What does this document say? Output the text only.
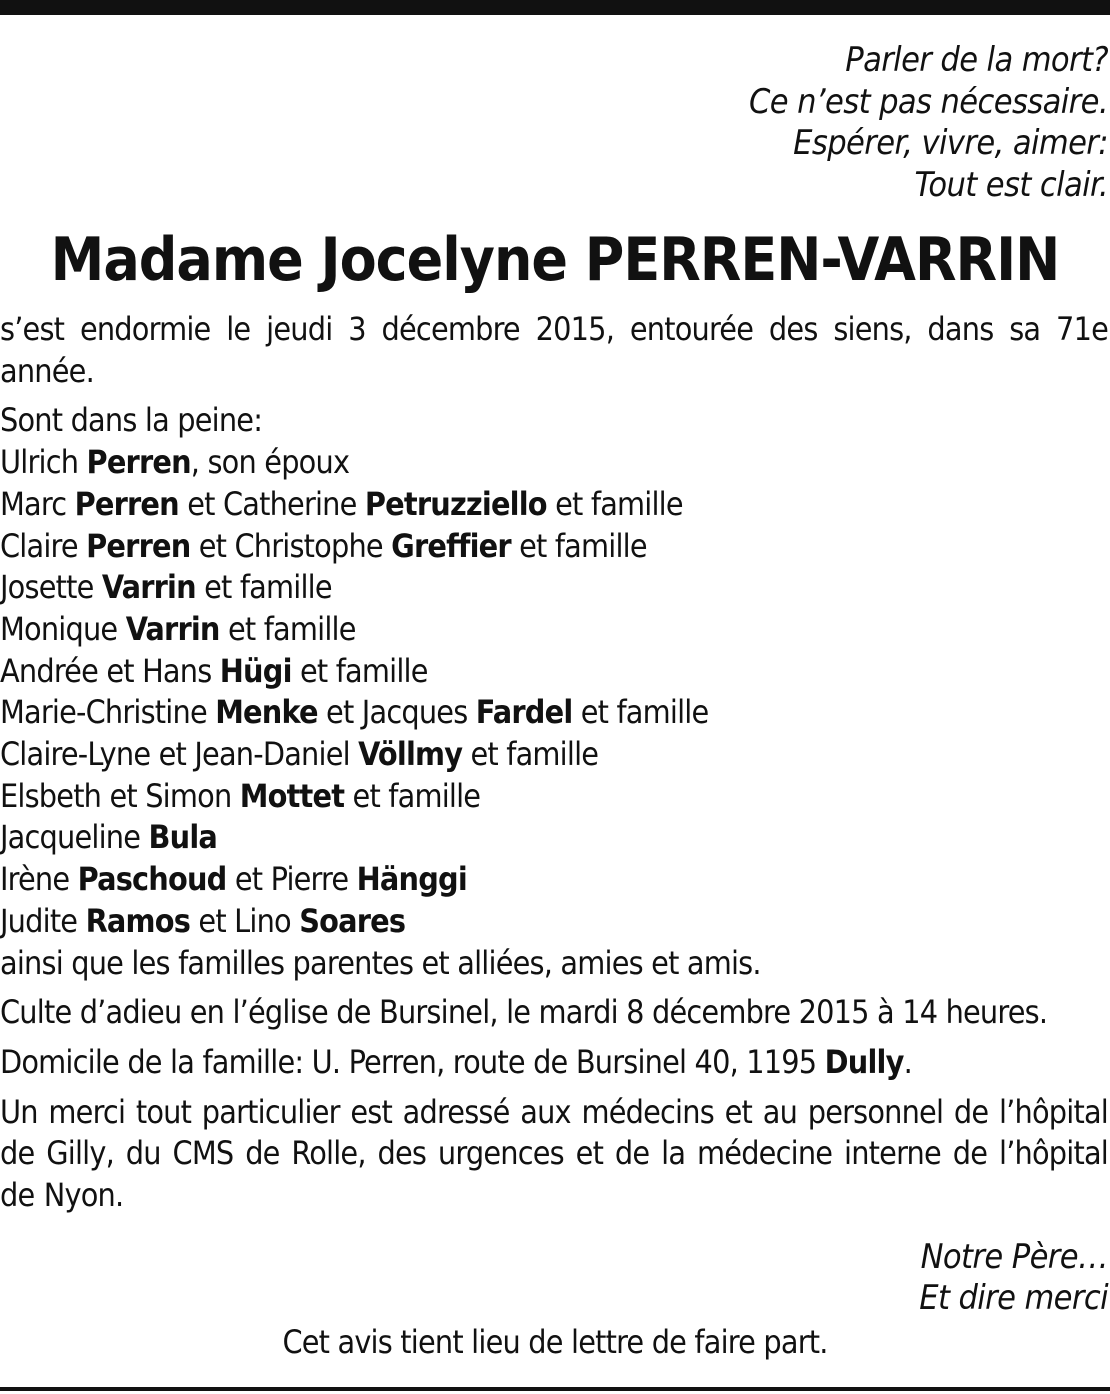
Parler de la mort?
Ce n’est pas nécessaire.
Espérer, vivre, aimer:
Tout est clair.
Madame Jocelyne PERREN-VARRIN

s’est endormie le jeudi 3 décembre 2015, entourée des siens, dans sa 71e année.

Sont dans la peine:

Ulrich Perren, son époux
Marc Perren et Catherine Petruzziello et famille
Claire Perren et Christophe Greffier et famille
Josette Varrin et famille
Monique Varrin et famille
Andrée et Hans Hügi et famille
Marie-Christine Menke et Jacques Fardel et famille
Claire-Lyne et Jean-Daniel Völlmy et famille
Elsbeth et Simon Mottet et famille
Jacqueline Bula
Irène Paschoud et Pierre Hänggi
Judite Ramos et Lino Soares

ainsi que les familles parentes et alliées, amies et amis.

Culte d’adieu en l’église de Bursinel, le mardi 8 décembre 2015 à 14 heures.

Domicile de la famille: U. Perren, route de Bursinel 40, 1195 Dully.

Un merci tout particulier est adressé aux médecins et au personnel de l’hôpital de Gilly, du CMS de Rolle, des urgences et de la médecine interne de l’hôpital de Nyon.

Notre Père…
Et dire merci
Cet avis tient lieu de lettre de faire part.
